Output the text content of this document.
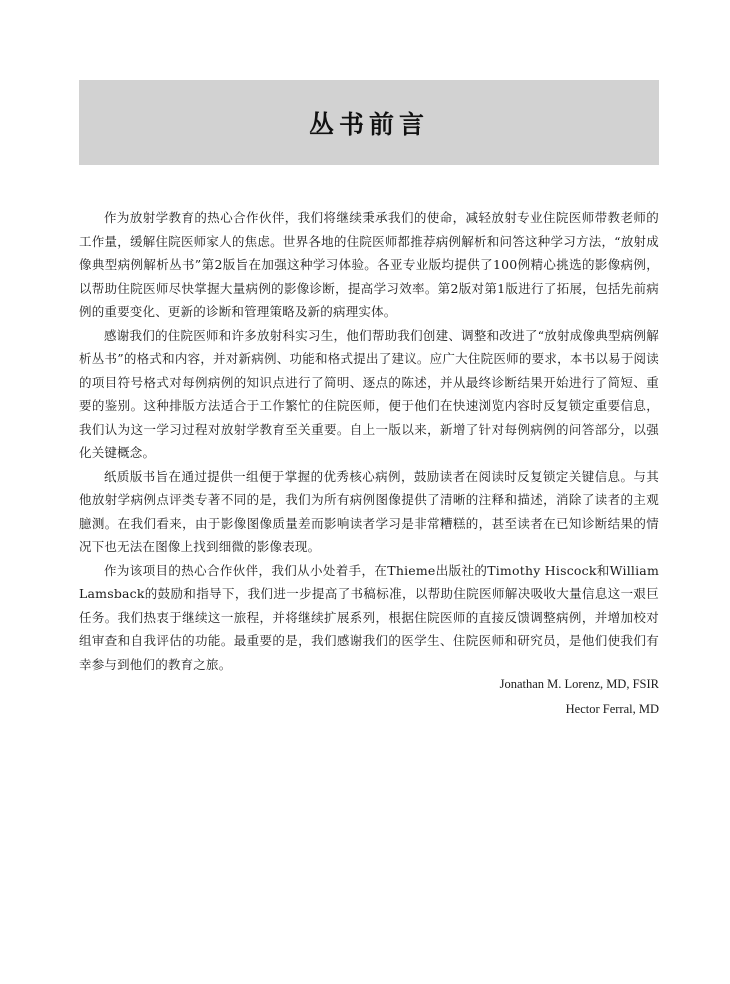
丛书前言

作为放射学教育的热心合作伙伴，我们将继续秉承我们的使命，减轻放射专业住院医师带教老师的工作量，缓解住院医师家人的焦虑。世界各地的住院医师都推荐病例解析和问答这种学习方法，“放射成像典型病例解析丛书”第2版旨在加强这种学习体验。各亚专业版均提供了100例精心挑选的影像病例，以帮助住院医师尽快掌握大量病例的影像诊断，提高学习效率。第2版对第1版进行了拓展，包括先前病例的重要变化、更新的诊断和管理策略及新的病理实体。

感谢我们的住院医师和许多放射科实习生，他们帮助我们创建、调整和改进了“放射成像典型病例解析丛书”的格式和内容，并对新病例、功能和格式提出了建议。应广大住院医师的要求，本书以易于阅读的项目符号格式对每例病例的知识点进行了简明、逐点的陈述，并从最终诊断结果开始进行了简短、重要的鉴别。这种排版方法适合于工作繁忙的住院医师，便于他们在快速浏览内容时反复锁定重要信息，我们认为这一学习过程对放射学教育至关重要。自上一版以来，新增了针对每例病例的问答部分，以强化关键概念。

纸质版书旨在通过提供一组便于掌握的优秀核心病例，鼓励读者在阅读时反复锁定关键信息。与其他放射学病例点评类专著不同的是，我们为所有病例图像提供了清晰的注释和描述，消除了读者的主观臆测。在我们看来，由于影像图像质量差而影响读者学习是非常糟糕的，甚至读者在已知诊断结果的情况下也无法在图像上找到细微的影像表现。

作为该项目的热心合作伙伴，我们从小处着手，在Thieme出版社的Timothy Hiscock和William Lamsback的鼓励和指导下，我们进一步提高了书稿标准，以帮助住院医师解决吸收大量信息这一艰巨任务。我们热衷于继续这一旅程，并将继续扩展系列，根据住院医师的直接反馈调整病例，并增加校对组审查和自我评估的功能。最重要的是，我们感谢我们的医学生、住院医师和研究员，是他们使我们有幸参与到他们的教育之旅。

Jonathan M. Lorenz, MD, FSIR
Hector Ferral, MD
